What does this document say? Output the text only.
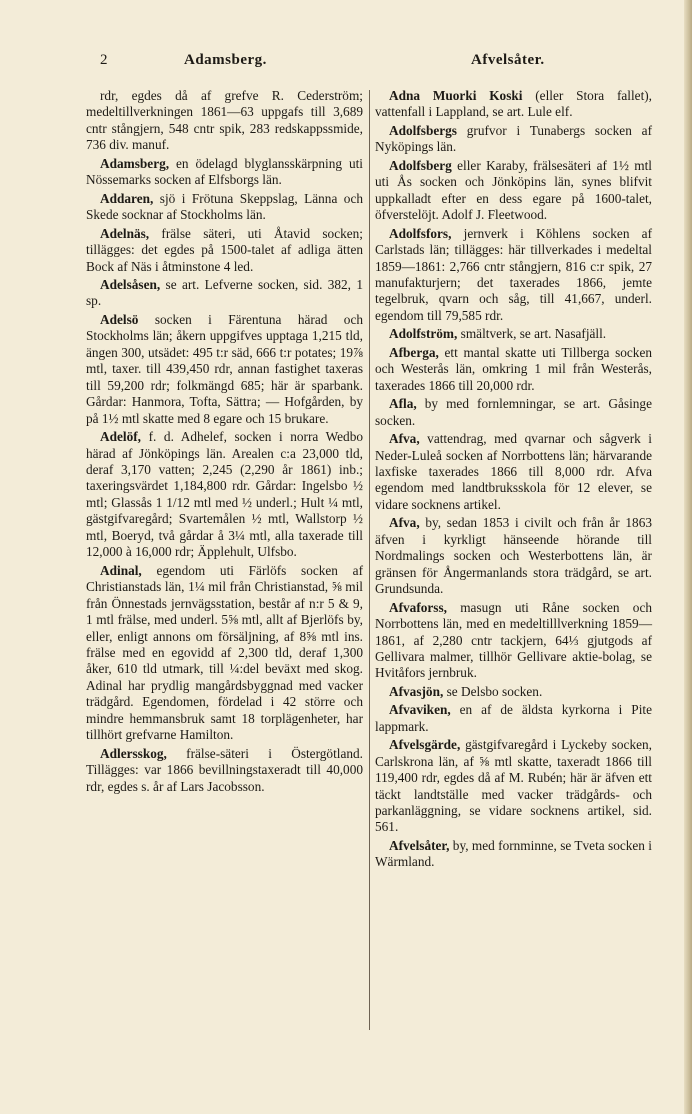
2	Adamsberg.	Afvelsåter.

rdr, egdes då af grefve R. Cederström; medeltillverkningen 1861—63 uppgafs till 3,689 cntr stångjern, 548 cntr spik, 283 redskappssmide, 736 div. manuf.

Adamsberg, en ödelagd blyglansskärpning uti Nössemarks socken af Elfsborgs län.

Addaren, sjö i Frötuna Skeppslag, Länna och Skede socknar af Stockholms län.

Adelnäs, frälse säteri, uti Åtavid socken; tillägges: det egdes på 1500-talet af adliga ätten Bock af Näs i åtminstone 4 led.

Adelsåsen, se art. Lefverne socken, sid. 382, 1 sp.

Adelsö socken i Färentuna härad och Stockholms län; åkern uppgifves upptaga 1,215 tld, ängen 300, utsädet: 495 t:r säd, 666 t:r potates; 19⅞ mtl, taxer. till 439,450 rdr, annan fastighet taxeras till 59,200 rdr; folkmängd 685; här är sparbank. Gårdar: Hanmora, Tofta, Sättra; — Hofgården, by på 1½ mtl skatte med 8 egare och 15 brukare.

Adelöf, f. d. Adhelef, socken i norra Wedbo härad af Jönköpings län. Arealen c:a 23,000 tld, deraf 3,170 vatten; 2,245 (2,290 år 1861) inb.; taxeringsvärdet 1,184,800 rdr. Gårdar: Ingelsbo ½ mtl; Glassås 1 1/12 mtl med ½ underl.; Hult ¼ mtl, gästgifvaregård; Svartemålen ½ mtl, Wallstorp ½ mtl, Boeryd, två gårdar å 3¼ mtl, alla taxerade till 12,000 à 16,000 rdr; Äpplehult, Ulfsbo.

Adinal, egendom uti Färlöfs socken af Christianstads län, 1¼ mil från Christianstad, ⅝ mil från Önnestads jernvägsstation, består af n:r 5 & 9, 1 mtl frälse, med underl. 5⅝ mtl, allt af Bjerlöfs by, eller, enligt annons om försäljning, af 8⅝ mtl ins. frälse med en egovidd af 2,300 tld, deraf 1,300 åker, 610 tld utmark, till ¼:del beväxt med skog. Adinal har prydlig mangårdsbyggnad med vacker trädgård. Egendomen, fördelad i 42 större och mindre hemmansbruk samt 18 torplägenheter, har tillhört grefvarne Hamilton.

Adlersskog, frälse-säteri i Östergötland. Tillägges: var 1866 bevillningstaxeradt till 40,000 rdr, egdes s. år af Lars Jacobsson.

Adna Muorki Koski (eller Stora fallet), vattenfall i Lappland, se art. Lule elf.

Adolfsbergs grufvor i Tunabergs socken af Nyköpings län.

Adolfsberg eller Karaby, frälsesäteri af 1½ mtl uti Ås socken och Jönköpins län, synes blifvit uppkalladt efter en dess egare på 1600-talet, öfverstelöjt. Adolf J. Fleetwood.

Adolfsfors, jernverk i Köhlens socken af Carlstads län; tillägges: här tillverkades i medeltal 1859—1861: 2,766 cntr stångjern, 816 c:r spik, 27 manufakturjern; det taxerades 1866, jemte tegelbruk, qvarn och såg, till 41,667, underl. egendom till 79,585 rdr.

Adolfström, smältverk, se art. Nasafjäll.

Afberga, ett mantal skatte uti Tillberga socken och Westerås län, omkring 1 mil från Westerås, taxerades 1866 till 20,000 rdr.

Afla, by med fornlemningar, se art. Gåsinge socken.

Afva, vattendrag, med qvarnar och sågverk i Neder-Luleå socken af Norrbottens län; härvarande laxfiske taxerades 1866 till 8,000 rdr. Afva egendom med landtbruksskola för 12 elever, se vidare socknens artikel.

Afva, by, sedan 1853 i civilt och från år 1863 äfven i kyrkligt hänseende hörande till Nordmalings socken och Westerbottens län, är gränsen för Ångermanlands stora trädgård, se art. Grundsunda.

Afvaforss, masugn uti Råne socken och Norrbottens län, med en medeltilllverkning 1859—1861, af 2,280 cntr tackjern, 64⅓ gjutgods af Gellivara malmer, tillhör Gellivare aktie-bolag, se Hvitåfors jernbruk.

Afvasjön, se Delsbo socken.

Afvaviken, en af de äldsta kyrkorna i Pite lappmark.

Afvelsgärde, gästgifvaregård i Lyckeby socken, Carlskrona län, af ⅝ mtl skatte, taxeradt 1866 till 119,400 rdr, egdes då af M. Rubén; här är äfven ett täckt landtställe med vacker trädgårds- och parkanläggning, se vidare socknens artikel, sid. 561.

Afvelsåter, by, med fornminne, se Tveta socken i Wärmland.
